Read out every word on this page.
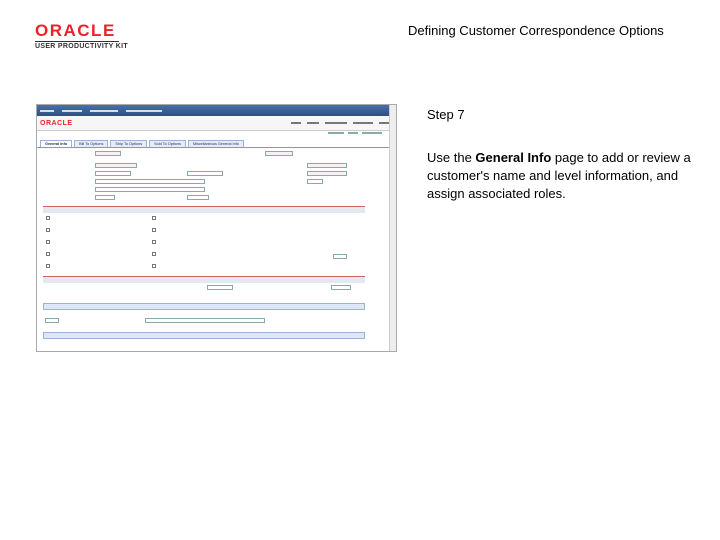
ORACLE
USER PRODUCTIVITY KIT
Defining Customer Correspondence Options
ORACLE
General Info	Bill To Options	Ship To Options	Sold To Options	Miscellaneous General Info
Step 7
Use the General Info page to add or review a customer's name and level information, and assign associated roles.
